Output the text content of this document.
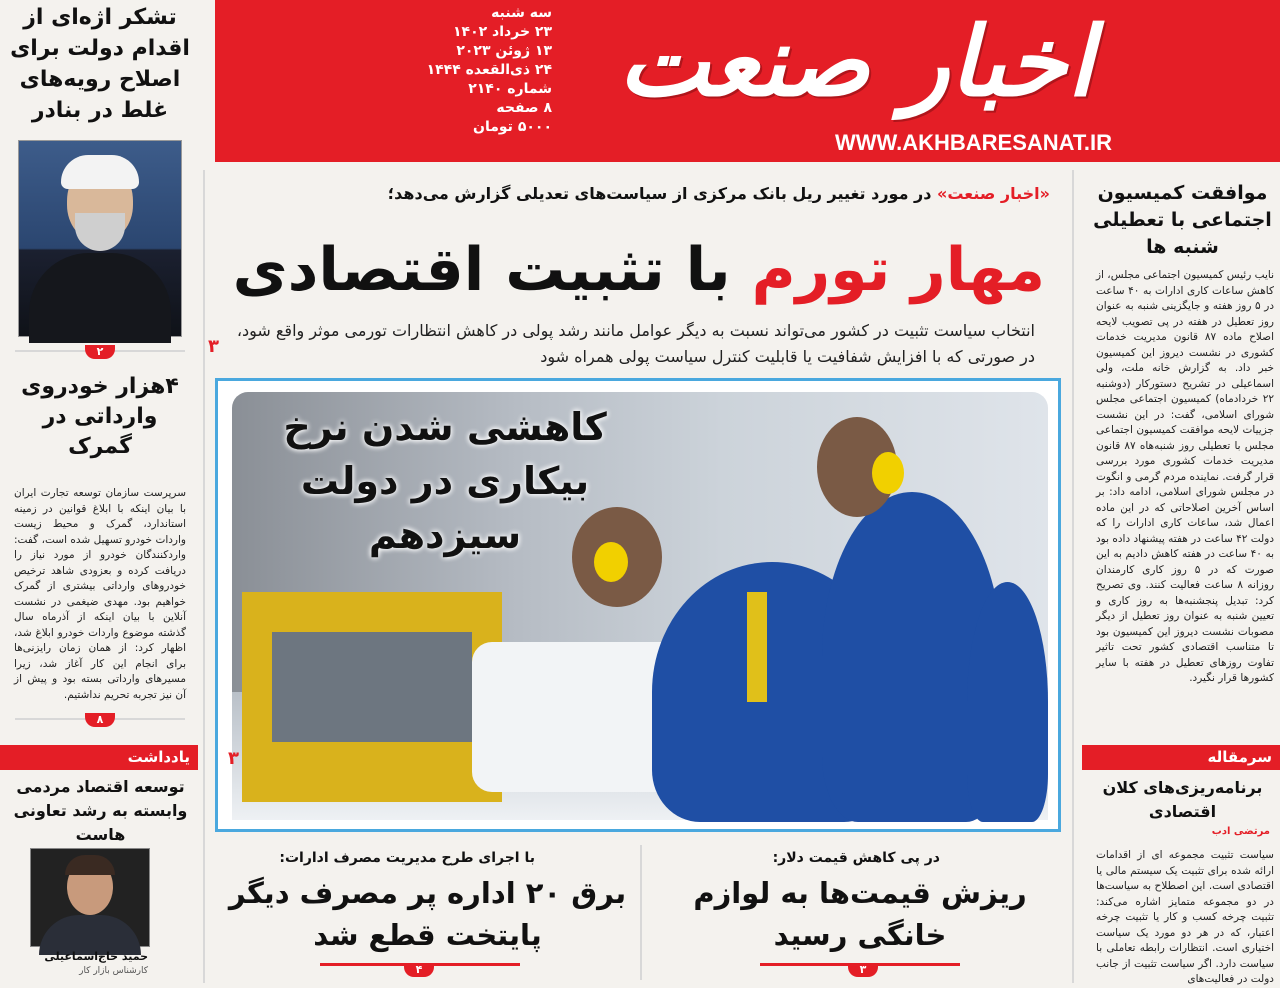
اخبار صنعت
WWW.AKHBARESANAT.IR
سه شنبه
۲۳ خرداد ۱۴۰۲
۱۳ ژوئن ۲۰۲۳
۲۴ ذی‌القعده ۱۴۴۴
شماره ۲۱۴۰
۸ صفحه
۵۰۰۰ تومان
تشکر اژه‌ای از اقدام دولت برای اصلاح رویه‌های غلط در بنادر
۲
۴هزار خودروی وارداتی در گمرک
سرپرست سازمان توسعه تجارت ایران با بیان اینکه با ابلاغ قوانین در زمینه استاندارد، گمرک و محیط زیست واردات خودرو تسهیل شده است، گفت: وارد‌کنندگان خودرو از مورد نیاز را دریافت کرده و بعزودی شاهد ترخیص خودروهای وارداتی بیشتری از گمرک خواهیم بود. مهدی ضیغمی در نشست آنلاین با بیان اینکه از آذرماه سال گذشته موضوع واردات خودرو ابلاغ شد، اظهار کرد: از همان زمان رایزنی‌ها برای انجام این کار آغاز شد، زیرا مسیرهای وارداتی بسته بود و پیش از آن نیز تجربه تحریم نداشتیم.
۸
یادداشت
توسعه اقتصاد مردمی وابسته به رشد تعاونی هاست
حمید حاج‌اسماعیلی
کارشناس بازار کار
موافقت کمیسیون اجتماعی با تعطیلی شنبه ها
نایب رئیس کمیسیون اجتماعی مجلس، از کاهش ساعات کاری ادارات به ۴۰ ساعت در ۵ روز هفته و جایگزینی شنبه به عنوان روز تعطیل در هفته در پی تصویب لایحه اصلاح ماده ۸۷ قانون مدیریت خدمات کشوری در نشست دیروز این کمیسیون خبر داد. به گزارش خانه ملت، ولی اسماعیلی در تشریح دستورکار (دوشنبه ۲۲ خردادماه) کمیسیون اجتماعی مجلس شورای اسلامی، گفت: در این نشست جزییات لایحه موافقت کمیسیون اجتماعی مجلس با تعطیلی روز شنبه‌هاه ۸۷ قانون مدیریت خدمات کشوری مورد بررسی قرار گرفت. نماینده مردم گرمی و انگوت در مجلس شورای اسلامی، ادامه داد: بر اساس آخرین اصلاحاتی که در این ماده اعمال شد، ساعات کاری ادارات را که دولت ۴۲ ساعت در هفته پیشنهاد داده بود به ۴۰ ساعت در هفته کاهش دادیم به این صورت که در ۵ روز کاری کارمندان روزانه ۸ ساعت فعالیت کنند. وی تصریح کرد: تبدیل پنجشنبه‌ها به روز کاری و تعیین شنبه به عنوان روز تعطیل از دیگر مصوبات نشست دیروز این کمیسیون بود تا متناسب اقتصادی کشور تحت تاثیر تفاوت روزهای تعطیل در هفته با سایر کشورها قرار نگیرد.
سرمقاله
برنامه‌ریزی‌های کلان اقتصادی
مرتضی ادب
سیاست تثبیت مجموعه ای از اقدامات ارائه شده برای تثبیت یک سیستم مالی یا اقتصادی است. این اصطلاح به سیاست‌ها در دو مجموعه متمایز اشاره می‌کند: تثبیت چرخه کسب و کار یا تثبیت چرخه اعتبار، که در هر دو مورد یک سیاست اختیاری است. انتظارات رابطه تعاملی با سیاست دارد. اگر سیاست تثبیت از جانب دولت در فعالیت‌های
«اخبار صنعت» در مورد تغییر ریل بانک مرکزی از سیاست‌های تعدیلی گزارش می‌دهد؛
مهار تورم با تثبیت اقتصادی
۳
انتخاب سیاست تثبیت در کشور می‌تواند نسبت به دیگر عوامل مانند رشد پولی در کاهش انتظارات تورمی موثر واقع شود، در صورتی که با افزایش شفافیت یا قابلیت کنترل سیاست پولی همراه شود
کاهشی شدن نرخ بیکاری در دولت سیزدهم
۳
در پی کاهش قیمت دلار:
ریزش قیمت‌ها به لوازم خانگی رسید
۳
با اجرای طرح مدیریت مصرف ادارات:
برق ۲۰ اداره پر مصرف دیگر پایتخت قطع شد
۴
